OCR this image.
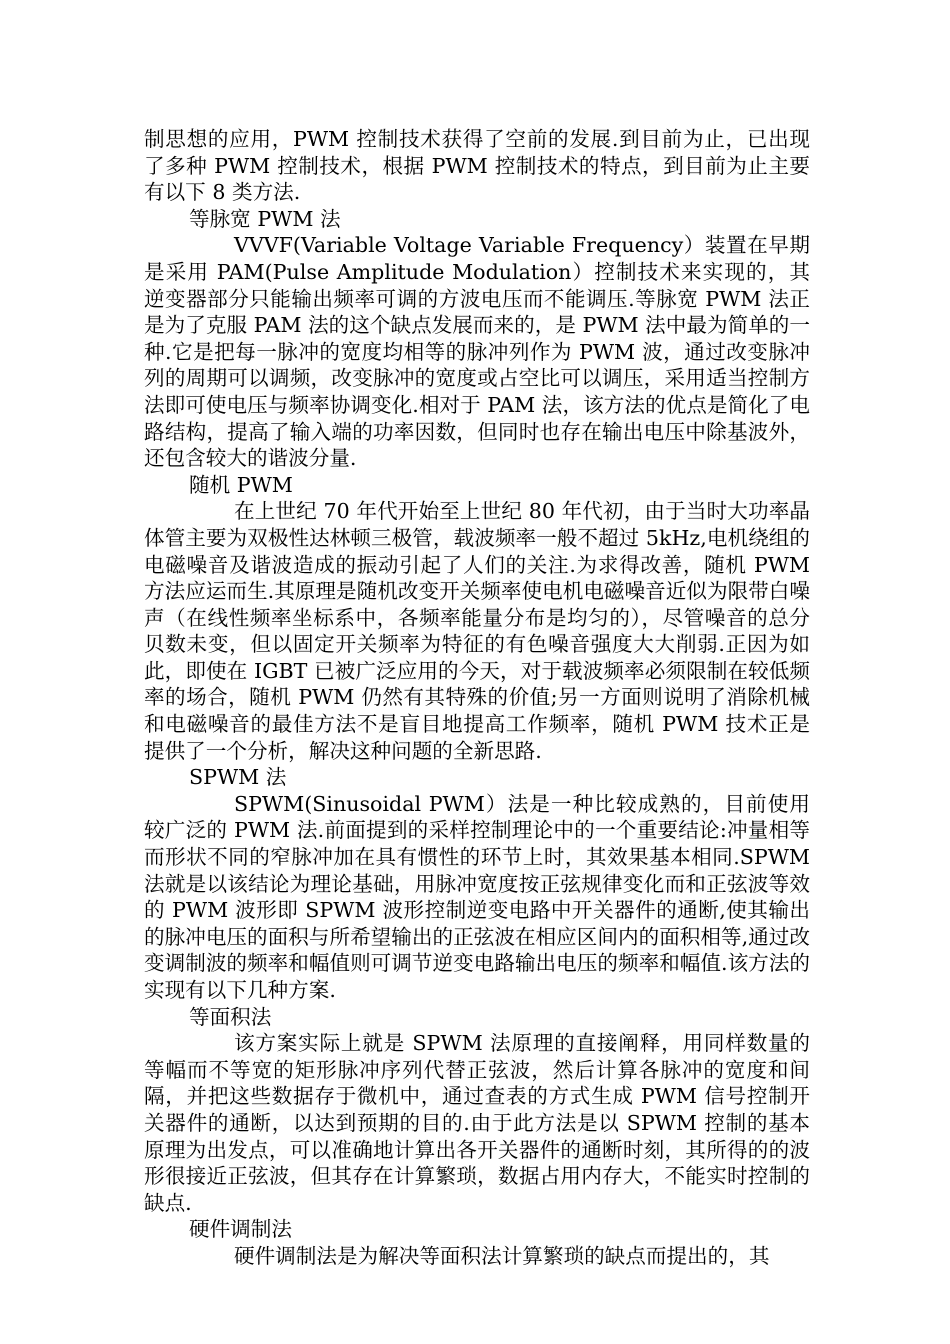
制思想的应用，PWM 控制技术获得了空前的发展.到目前为止，已出现了多种 PWM 控制技术，根据 PWM 控制技术的特点，到目前为止主要有以下 8 类方法.

等脉宽 PWM 法

VVVF(Variable Voltage Variable Frequency）装置在早期是采用 PAM(Pulse Amplitude Modulation）控制技术来实现的，其逆变器部分只能输出频率可调的方波电压而不能调压.等脉宽 PWM 法正是为了克服 PAM 法的这个缺点发展而来的，是 PWM 法中最为简单的一种.它是把每一脉冲的宽度均相等的脉冲列作为 PWM 波，通过改变脉冲列的周期可以调频，改变脉冲的宽度或占空比可以调压，采用适当控制方法即可使电压与频率协调变化.相对于 PAM 法，该方法的优点是简化了电路结构，提高了输入端的功率因数，但同时也存在输出电压中除基波外，还包含较大的谐波分量.

随机 PWM

在上世纪 70 年代开始至上世纪 80 年代初，由于当时大功率晶体管主要为双极性达林顿三极管，载波频率一般不超过 5kHz,电机绕组的电磁噪音及谐波造成的振动引起了人们的关注.为求得改善，随机 PWM 方法应运而生.其原理是随机改变开关频率使电机电磁噪音近似为限带白噪声（在线性频率坐标系中，各频率能量分布是均匀的），尽管噪音的总分贝数未变，但以固定开关频率为特征的有色噪音强度大大削弱.正因为如此，即使在 IGBT 已被广泛应用的今天，对于载波频率必须限制在较低频率的场合，随机 PWM 仍然有其特殊的价值;另一方面则说明了消除机械和电磁噪音的最佳方法不是盲目地提高工作频率，随机 PWM 技术正是提供了一个分析，解决这种问题的全新思路.

SPWM 法

SPWM(Sinusoidal PWM）法是一种比较成熟的，目前使用较广泛的 PWM 法.前面提到的采样控制理论中的一个重要结论:冲量相等而形状不同的窄脉冲加在具有惯性的环节上时，其效果基本相同.SPWM 法就是以该结论为理论基础，用脉冲宽度按正弦规律变化而和正弦波等效的 PWM 波形即 SPWM 波形控制逆变电路中开关器件的通断,使其输出的脉冲电压的面积与所希望输出的正弦波在相应区间内的面积相等,通过改变调制波的频率和幅值则可调节逆变电路输出电压的频率和幅值.该方法的实现有以下几种方案.

等面积法

该方案实际上就是 SPWM 法原理的直接阐释，用同样数量的等幅而不等宽的矩形脉冲序列代替正弦波，然后计算各脉冲的宽度和间隔，并把这些数据存于微机中，通过查表的方式生成 PWM 信号控制开关器件的通断，以达到预期的目的.由于此方法是以 SPWM 控制的基本原理为出发点，可以准确地计算出各开关器件的通断时刻，其所得的的波形很接近正弦波，但其存在计算繁琐，数据占用内存大，不能实时控制的缺点.

硬件调制法

硬件调制法是为解决等面积法计算繁琐的缺点而提出的，其
